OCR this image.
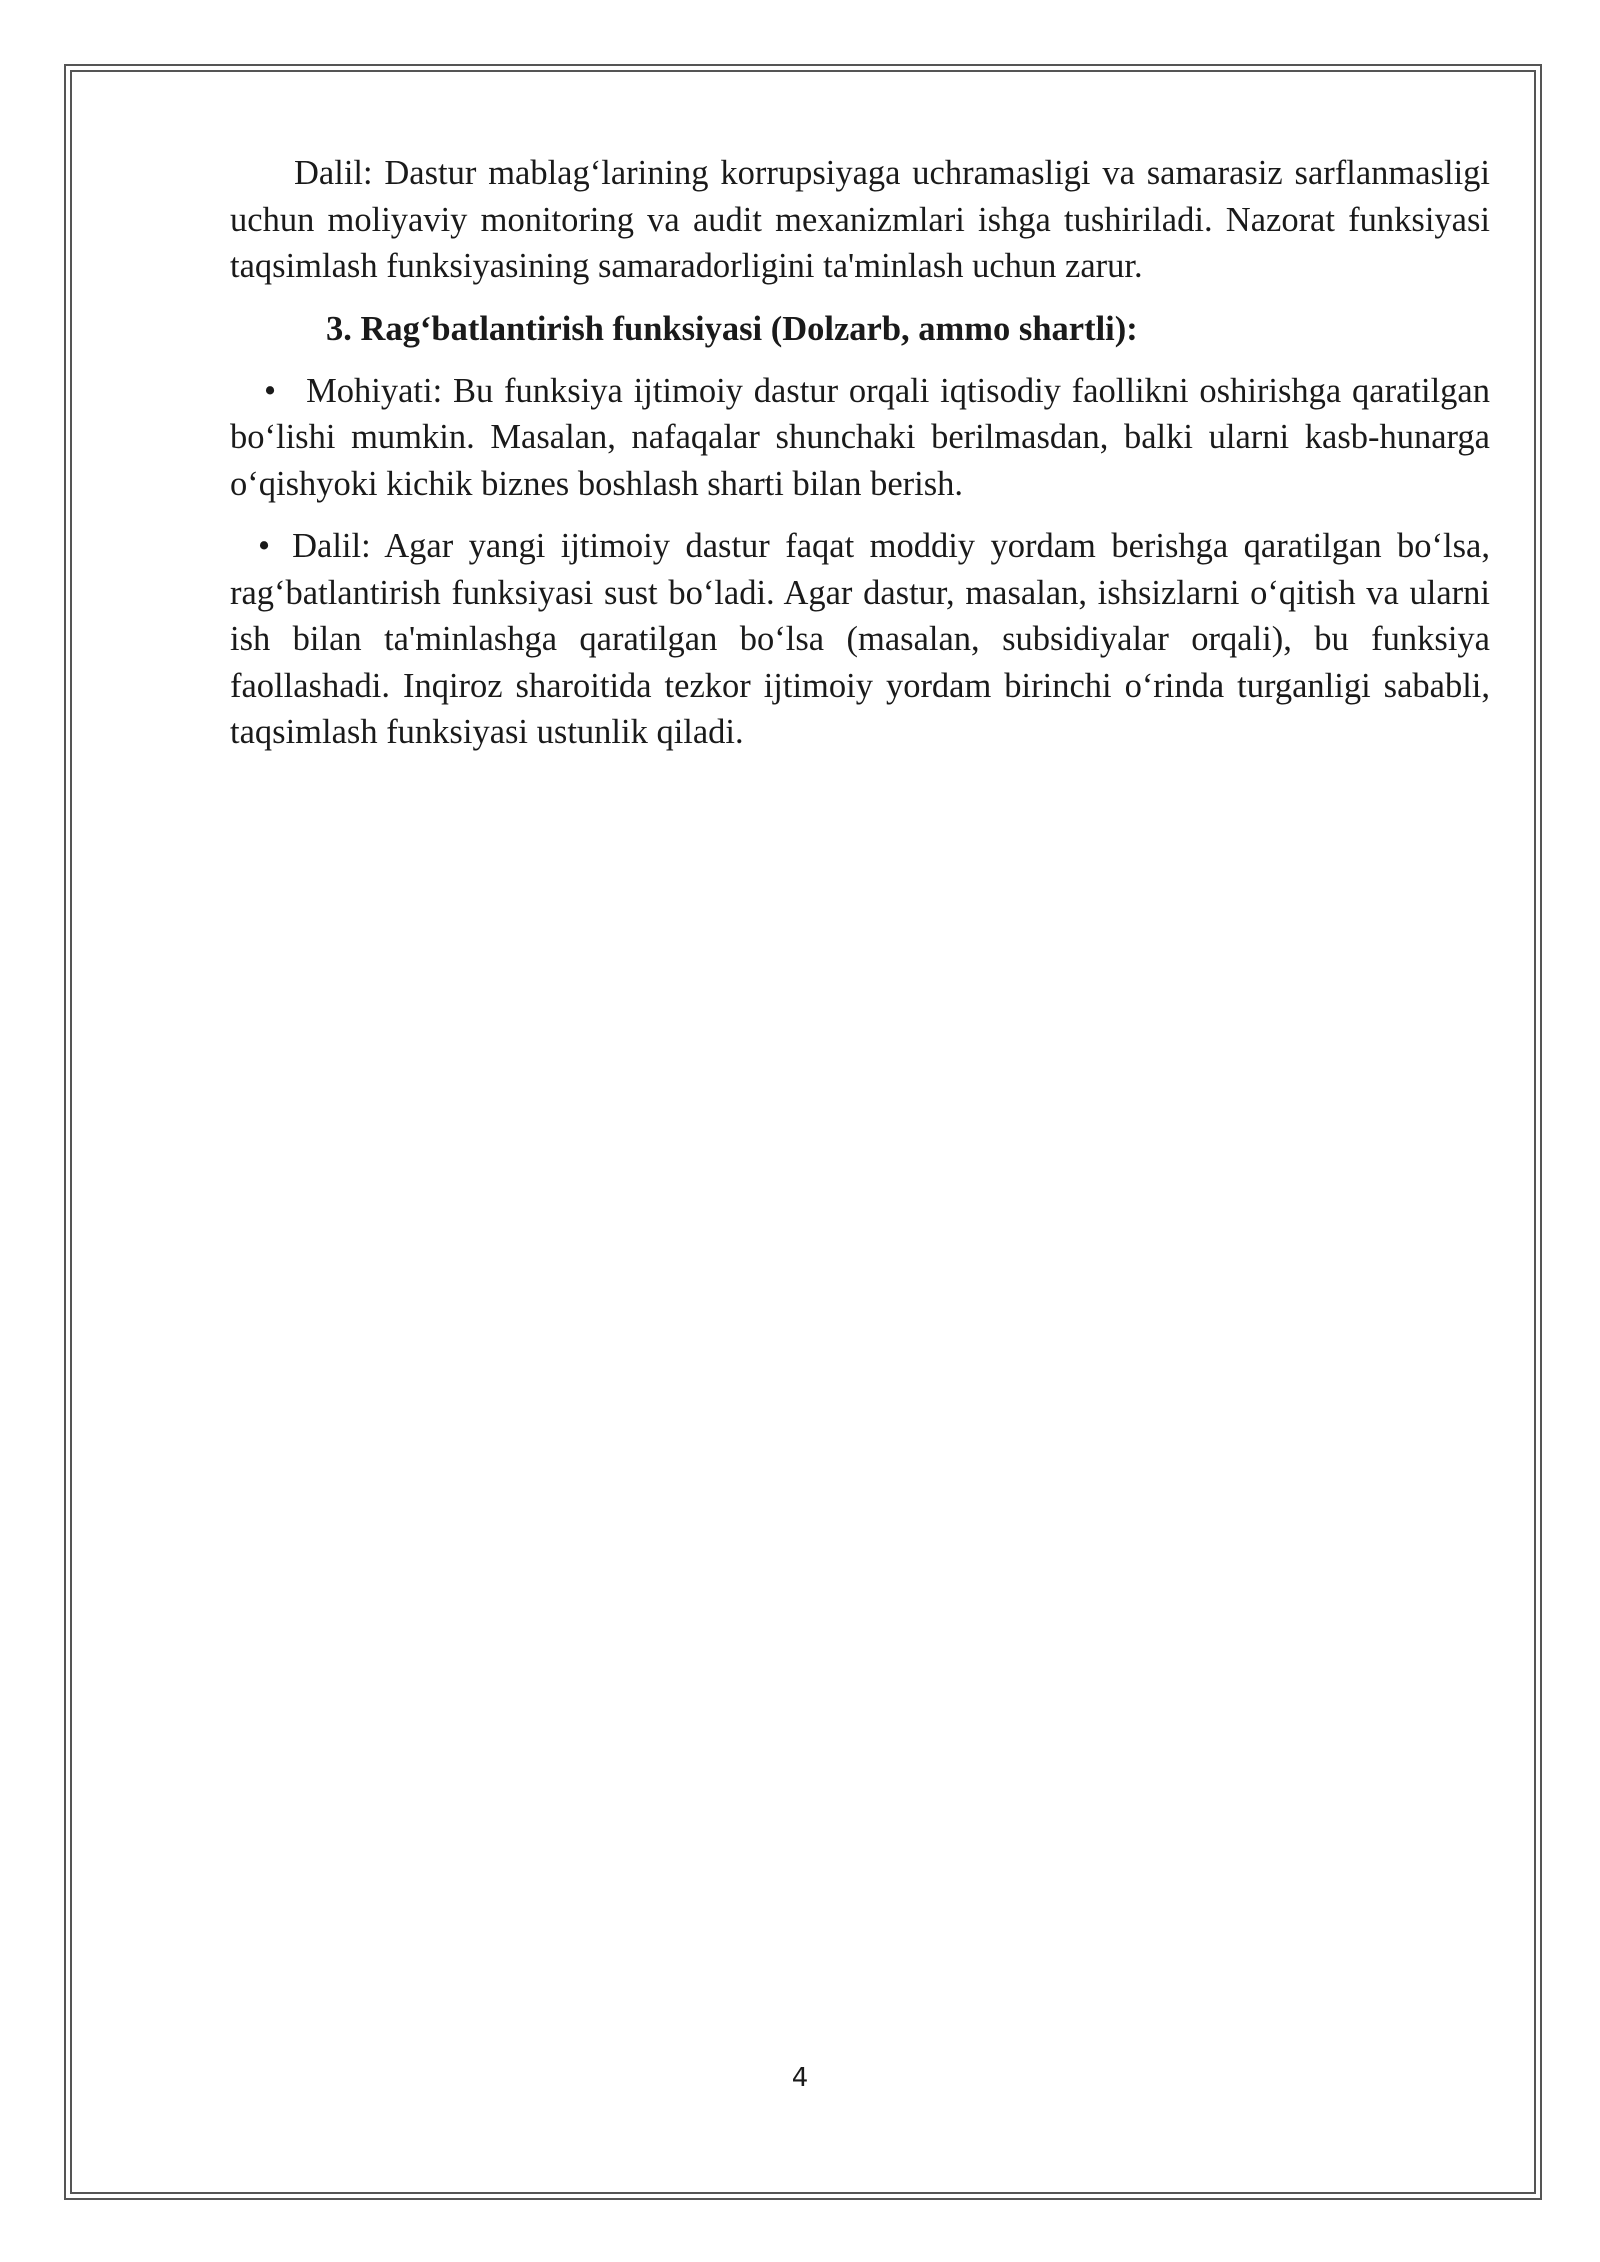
Dalil: Dastur mablag‘larining korrupsiyaga uchramasligi va samarasiz sarflanmasligi uchun moliyaviy monitoring va audit mexanizmlari ishga tushiriladi. Nazorat funksiyasi taqsimlash funksiyasining samaradorligini ta'minlash uchun zarur.

3. Rag‘batlantirish funksiyasi (Dolzarb, ammo shartli):

• Mohiyati: Bu funksiya ijtimoiy dastur orqali iqtisodiy faollikni oshirishga qaratilgan bo‘lishi mumkin. Masalan, nafaqalar shunchaki berilmasdan, balki ularni kasb-hunarga o‘qishyoki kichik biznes boshlash sharti bilan berish.

• Dalil: Agar yangi ijtimoiy dastur faqat moddiy yordam berishga qaratilgan bo‘lsa, rag‘batlantirish funksiyasi sust bo‘ladi. Agar dastur, masalan, ishsizlarni o‘qitish va ularni ish bilan ta'minlashga qaratilgan bo‘lsa (masalan, subsidiyalar orqali), bu funksiya faollashadi. Inqiroz sharoitida tezkor ijtimoiy yordam birinchi o‘rinda turganligi sababli, taqsimlash funksiyasi ustunlik qiladi.

4
